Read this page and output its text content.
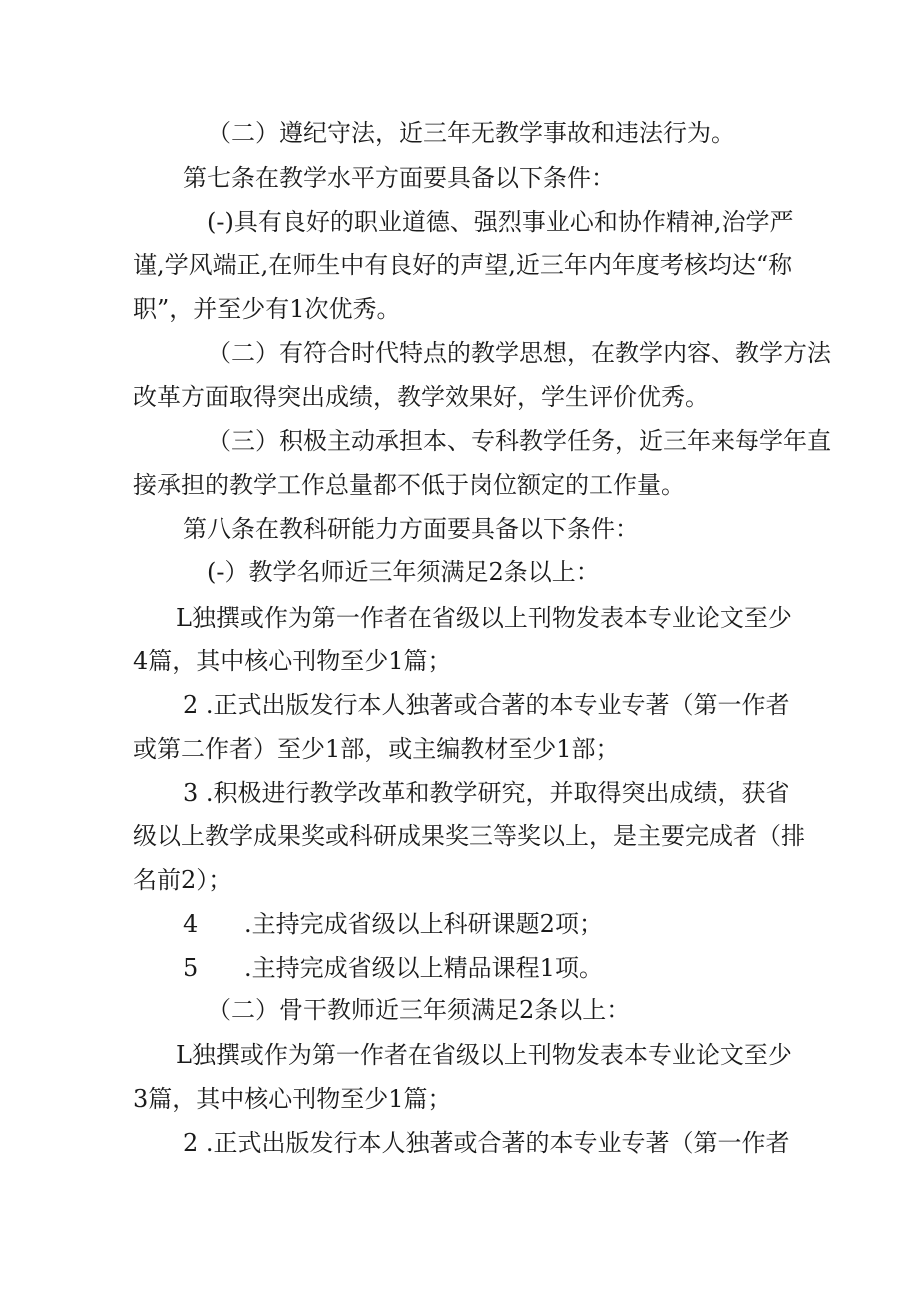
（二）遵纪守法，近三年无教学事故和违法行为。
第七条在教学水平方面要具备以下条件：
(-)具有良好的职业道德、强烈事业心和协作精神,治学严
谨,学风端正,在师生中有良好的声望,近三年内年度考核均达“称
职”，并至少有1次优秀。
（二）有符合时代特点的教学思想，在教学内容、教学方法
改革方面取得突出成绩，教学效果好，学生评价优秀。
（三）积极主动承担本、专科教学任务，近三年来每学年直
接承担的教学工作总量都不低于岗位额定的工作量。
第八条在教科研能力方面要具备以下条件：
(-）教学名师近三年须满足2条以上：
L独撰或作为第一作者在省级以上刊物发表本专业论文至少
4篇，其中核心刊物至少1篇；
2 .正式出版发行本人独著或合著的本专业专著（第一作者
或第二作者）至少1部，或主编教材至少1部；
3 .积极进行教学改革和教学研究，并取得突出成绩，获省
级以上教学成果奖或科研成果奖三等奖以上，是主要完成者（排
名前2）；
4      .主持完成省级以上科研课题2项；
5      .主持完成省级以上精品课程1项。
（二）骨干教师近三年须满足2条以上：
L独撰或作为第一作者在省级以上刊物发表本专业论文至少
3篇，其中核心刊物至少1篇；
2 .正式出版发行本人独著或合著的本专业专著（第一作者
